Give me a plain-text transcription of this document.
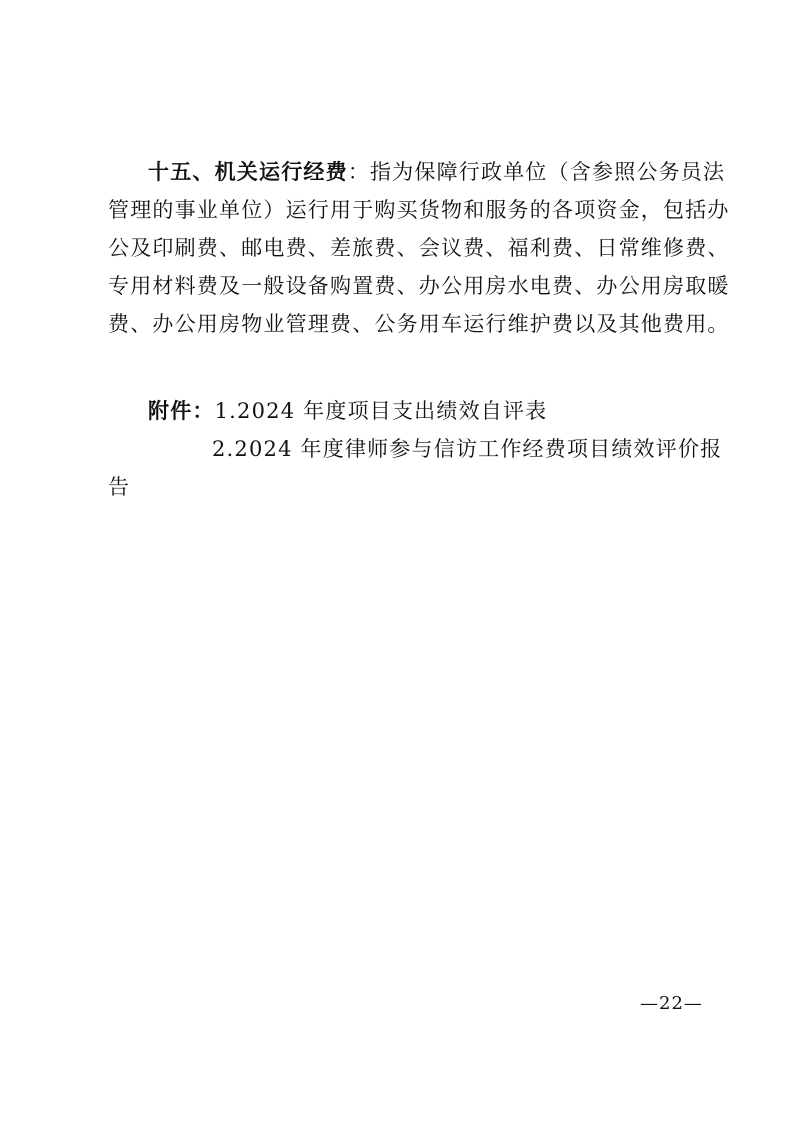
十五、机关运行经费：指为保障行政单位（含参照公务员法
管理的事业单位）运行用于购买货物和服务的各项资金，包括办
公及印刷费、邮电费、差旅费、会议费、福利费、日常维修费、
专用材料费及一般设备购置费、办公用房水电费、办公用房取暖
费、办公用房物业管理费、公务用车运行维护费以及其他费用。
附件：1.2024 年度项目支出绩效自评表
2.2024 年度律师参与信访工作经费项目绩效评价报
告
—22—
